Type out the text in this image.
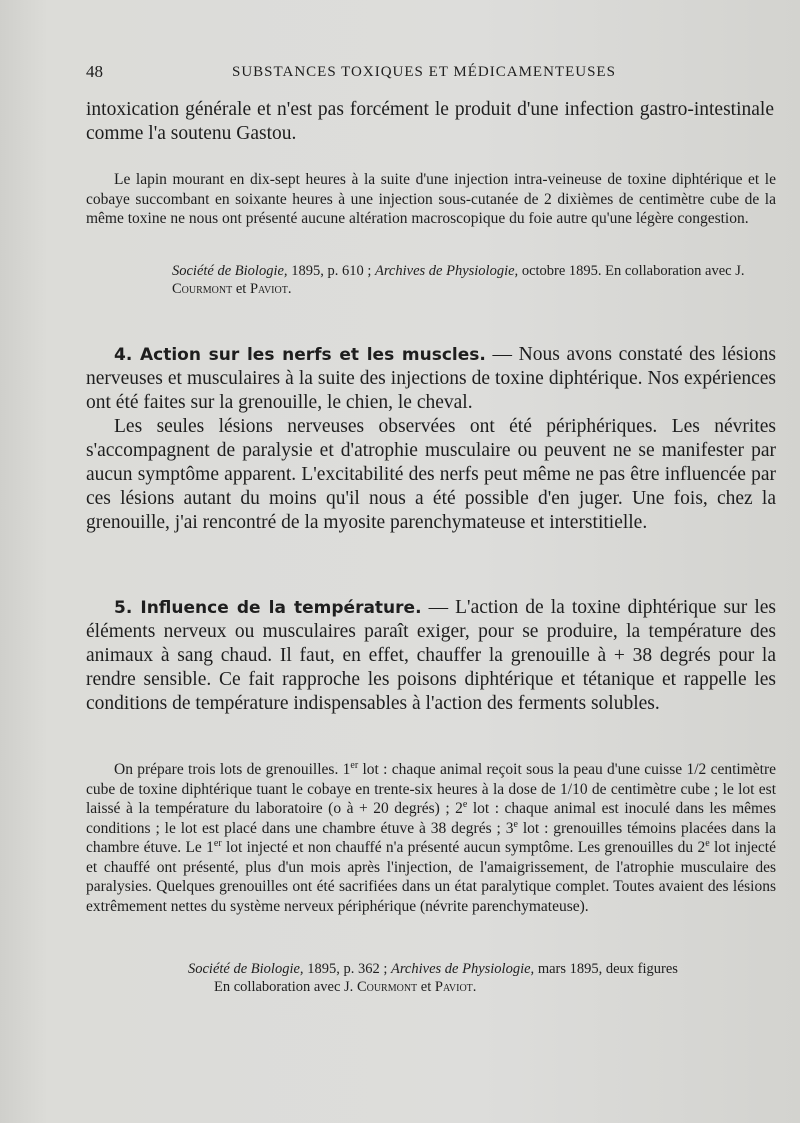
48	SUBSTANCES TOXIQUES ET MÉDICAMENTEUSES

intoxication générale et n'est pas forcément le produit d'une infection gastro-intestinale comme l'a soutenu Gastou.

Le lapin mourant en dix-sept heures à la suite d'une injection intra-veineuse de toxine diphtérique et le cobaye succombant en soixante heures à une injection sous-cutanée de 2 dixièmes de centimètre cube de la même toxine ne nous ont présenté aucune altération macroscopique du foie autre qu'une légère congestion.

Société de Biologie, 1895, p. 610 ; Archives de Physiologie, octobre 1895. En collaboration avec J. Courmont et Paviot.

4. Action sur les nerfs et les muscles. — Nous avons constaté des lésions nerveuses et musculaires à la suite des injections de toxine diphtérique. Nos expériences ont été faites sur la grenouille, le chien, le cheval.

Les seules lésions nerveuses observées ont été périphériques. Les névrites s'accompagnent de paralysie et d'atrophie musculaire ou peuvent ne se manifester par aucun symptôme apparent. L'excitabilité des nerfs peut même ne pas être influencée par ces lésions autant du moins qu'il nous a été possible d'en juger. Une fois, chez la grenouille, j'ai rencontré de la myosite parenchymateuse et interstitielle.

5. Influence de la température. — L'action de la toxine diphtérique sur les éléments nerveux ou musculaires paraît exiger, pour se produire, la température des animaux à sang chaud. Il faut, en effet, chauffer la grenouille à + 38 degrés pour la rendre sensible. Ce fait rapproche les poisons diphtérique et tétanique et rappelle les conditions de température indispensables à l'action des ferments solubles.

On prépare trois lots de grenouilles. 1er lot : chaque animal reçoit sous la peau d'une cuisse 1/2 centimètre cube de toxine diphtérique tuant le cobaye en trente-six heures à la dose de 1/10 de centimètre cube ; le lot est laissé à la température du laboratoire (o à + 20 degrés) ; 2e lot : chaque animal est inoculé dans les mêmes conditions ; le lot est placé dans une chambre étuve à 38 degrés ; 3e lot : grenouilles témoins placées dans la chambre étuve. Le 1er lot injecté et non chauffé n'a présenté aucun symptôme. Les grenouilles du 2e lot injecté et chauffé ont présenté, plus d'un mois après l'injection, de l'amaigrissement, de l'atrophie musculaire des paralysies. Quelques grenouilles ont été sacrifiées dans un état paralytique complet. Toutes avaient des lésions extrêmement nettes du système nerveux périphérique (névrite parenchymateuse).

Société de Biologie, 1895, p. 362 ; Archives de Physiologie, mars 1895, deux figures
En collaboration avec J. Courmont et Paviot.
